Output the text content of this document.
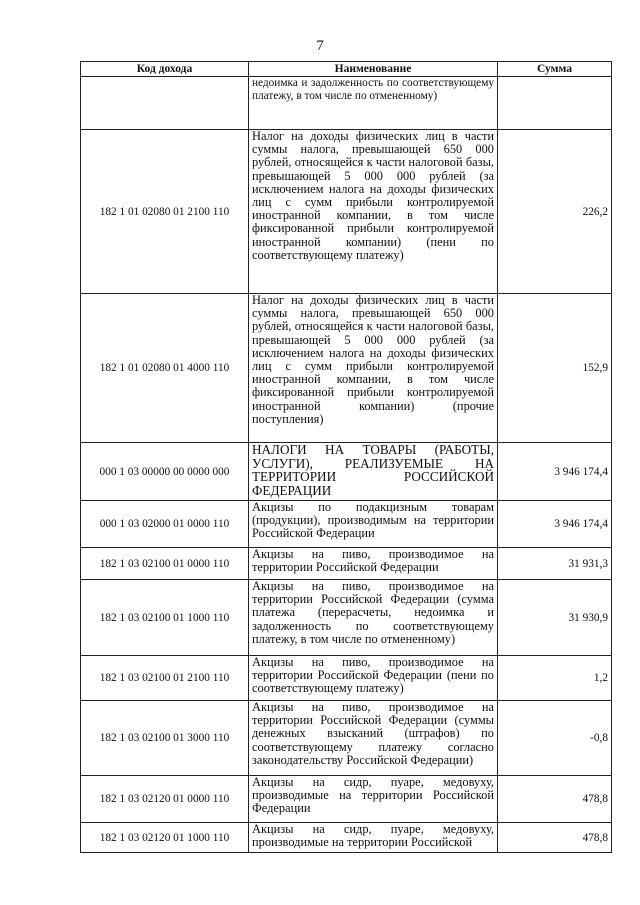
7
Код дохода	Наименование	Сумма
	недоимка и задолженность по соответствующему платежу, в том числе по отмененному)	
182 1 01 02080 01 2100 110	Налог на доходы физических лиц в части суммы налога, превышающей 650 000 рублей, относящейся к части налоговой базы, превышающей 5 000 000 рублей (за исключением налога на доходы физических лиц с сумм прибыли контролируемой иностранной компании, в том числе фиксированной прибыли контролируемой иностранной компании) (пени по соответствующему платежу)	226,2
182 1 01 02080 01 4000 110	Налог на доходы физических лиц в части суммы налога, превышающей 650 000 рублей, относящейся к части налоговой базы, превышающей 5 000 000 рублей (за исключением налога на доходы физических лиц с сумм прибыли контролируемой иностранной компании, в том числе фиксированной прибыли контролируемой иностранной компании) (прочие поступления)	152,9
000 1 03 00000 00 0000 000	НАЛОГИ НА ТОВАРЫ (РАБОТЫ, УСЛУГИ), РЕАЛИЗУЕМЫЕ НА ТЕРРИТОРИИ РОССИЙСКОЙ ФЕДЕРАЦИИ	3 946 174,4
000 1 03 02000 01 0000 110	Акцизы по подакцизным товарам (продукции), производимым на территории Российской Федерации	3 946 174,4
182 1 03 02100 01 0000 110	Акцизы на пиво, производимое на территории Российской Федерации	31 931,3
182 1 03 02100 01 1000 110	Акцизы на пиво, производимое на территории Российской Федерации (сумма платежа (перерасчеты, недоимка и задолженность по соответствующему платежу, в том числе по отмененному)	31 930,9
182 1 03 02100 01 2100 110	Акцизы на пиво, производимое на территории Российской Федерации (пени по соответствующему платежу)	1,2
182 1 03 02100 01 3000 110	Акцизы на пиво, производимое на территории Российской Федерации (суммы денежных взысканий (штрафов) по соответствующему платежу согласно законодательству Российской Федерации)	-0,8
182 1 03 02120 01 0000 110	Акцизы на сидр, пуаре, медовуху, производимые на территории Российской Федерации	478,8
182 1 03 02120 01 1000 110	Акцизы на сидр, пуаре, медовуху, производимые на территории Российской	478,8
